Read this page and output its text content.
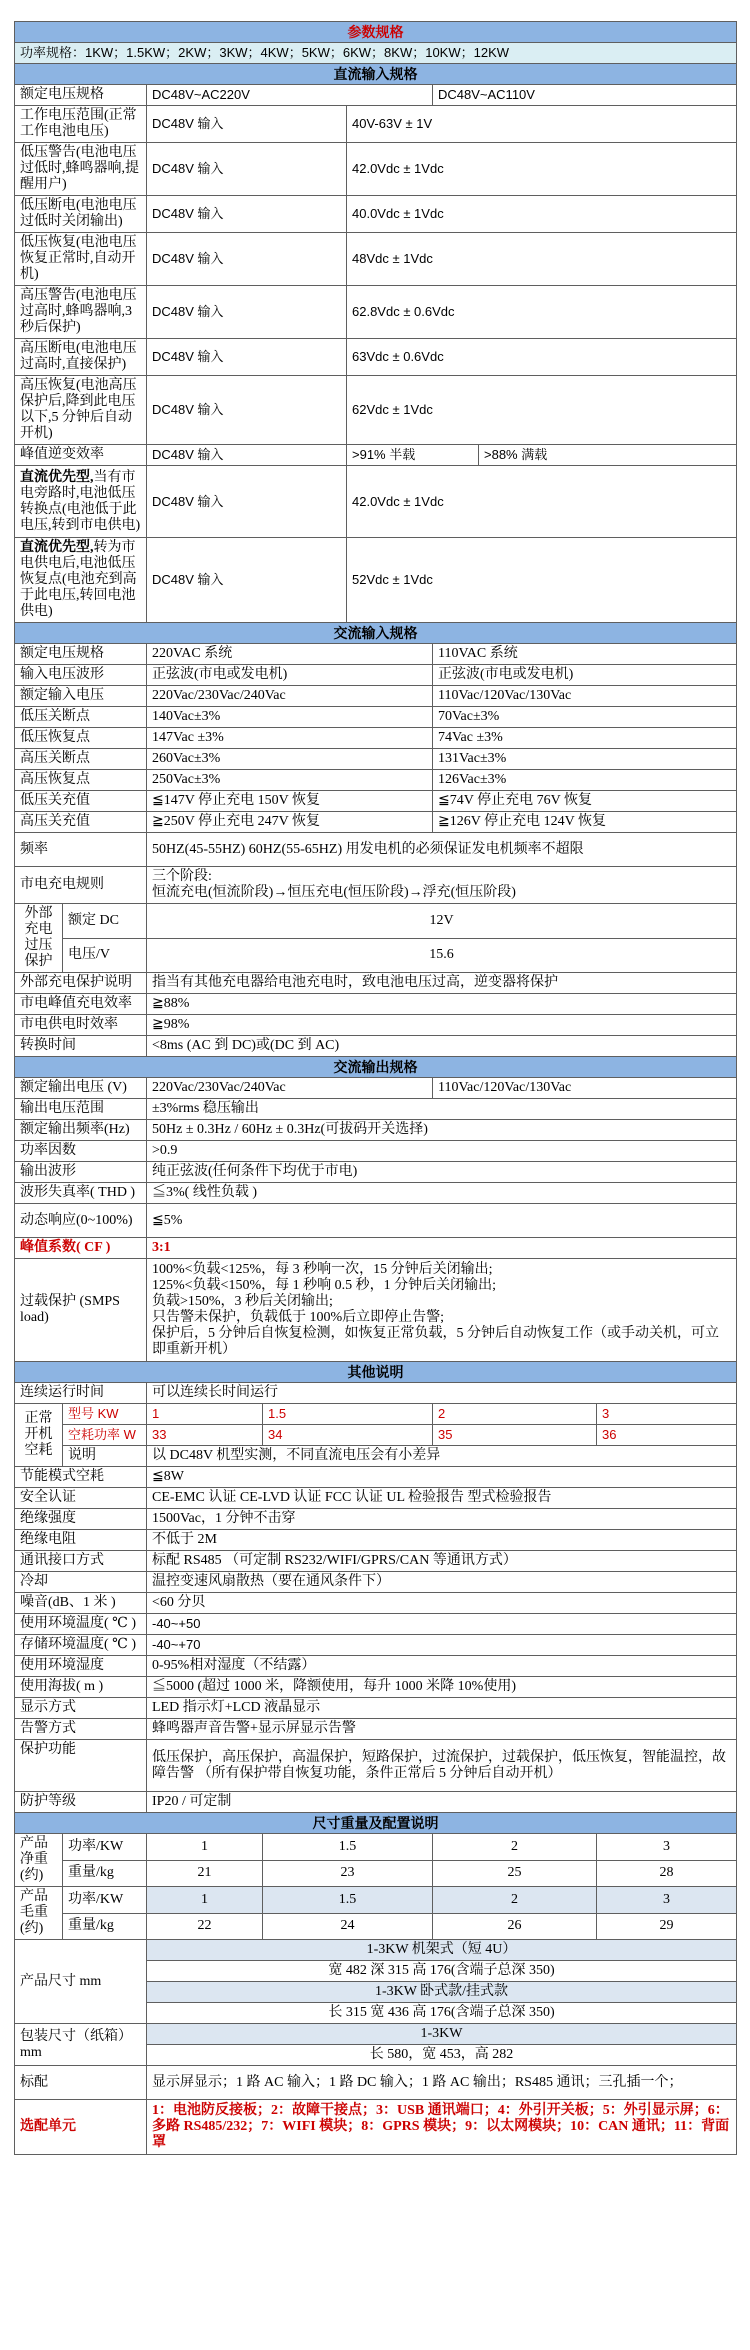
参数规格							
功率规格：1KW；1.5KW；2KW；3KW；4KW；5KW；6KW；8KW；10KW；12KW							
直流输入规格							
额定电压规格		DC48V~AC220V			DC48V~AC110V		
工作电压范围(正常工作电池电压)		DC48V 输入		40V-63V ± 1V			
低压警告(电池电压过低时,蜂鸣器响,提醒用户)		DC48V 输入		42.0Vdc ± 1Vdc			
低压断电(电池电压过低时关闭输出)		DC48V 输入		40.0Vdc ± 1Vdc			
低压恢复(电池电压恢复正常时,自动开机)		DC48V 输入		48Vdc ± 1Vdc			
高压警告(电池电压过高时,蜂鸣器响,3 秒后保护)		DC48V 输入		62.8Vdc ± 0.6Vdc			
高压断电(电池电压过高时,直接保护)		DC48V 输入		63Vdc ± 0.6Vdc			
高压恢复(电池高压保护后,降到此电压以下,5 分钟后自动开机)		DC48V 输入		62Vdc ± 1Vdc			
峰值逆变效率		DC48V 输入		>91% 半载		>88% 满载	
直流优先型,当有市电旁路时,电池低压转换点(电池低于此电压,转到市电供电)		DC48V 输入		42.0Vdc ± 1Vdc			
直流优先型,转为市电供电后,电池低压恢复点(电池充到高于此电压,转回电池供电)		DC48V 输入		52Vdc ± 1Vdc			
交流输入规格							
额定电压规格		220VAC 系统			110VAC 系统		
输入电压波形		正弦波(市电或发电机)			正弦波(市电或发电机)		
额定输入电压		220Vac/230Vac/240Vac			110Vac/120Vac/130Vac		
低压关断点		140Vac±3%			70Vac±3%		
低压恢复点		147Vac ±3%			74Vac ±3%		
高压关断点		260Vac±3%			131Vac±3%		
高压恢复点		250Vac±3%			126Vac±3%		
低压关充值		≦147V 停止充电 150V 恢复			≦74V 停止充电 76V 恢复		
高压关充值		≧250V 停止充电 247V 恢复			≧126V 停止充电 124V 恢复		
频率		50HZ(45-55HZ) 60HZ(55-65HZ) 用发电机的必须保证发电机频率不超限					
市电充电规则		三个阶段:
恒流充电(恒流阶段)→恒压充电(恒压阶段)→浮充(恒压阶段)					

外部充电过压保护	额定 DC	12V					
	电压/V	15.6					
外部充电保护说明		指当有其他充电器给电池充电时，致电池电压过高，逆变器将保护					
市电峰值充电效率		≧88%					
市电供电时效率		≧98%					
转换时间		<8ms (AC 到 DC)或(DC 到 AC)					
交流输出规格							
额定输出电压 (V)		220Vac/230Vac/240Vac			110Vac/120Vac/130Vac		
输出电压范围		±3%rms 稳压输出					
额定输出频率(Hz)		50Hz ± 0.3Hz / 60Hz ± 0.3Hz(可拔码开关选择)					
功率因数		>0.9					
输出波形		纯正弦波(任何条件下均优于市电)					
波形失真率( THD )		≦3%( 线性负载 )					
动态响应(0~100%)		≦5%					
峰值系数( CF )		3:1					
过载保护 (SMPS load)		100%<负载<125%，每 3 秒响一次，15 分钟后关闭输出;
125%<负载<150%，每 1 秒响 0.5 秒，1 分钟后关闭输出;
负载>150%，3 秒后关闭输出;
只告警未保护，负载低于 100%后立即停止告警;
保护后，5 分钟后自恢复检测，如恢复正常负载，5 分钟后自动恢复工作（或手动关机，可立即重新开机）					

其他说明							
连续运行时间		可以连续长时间运行					
正常开机空耗	型号 KW	1	1.5		2		3
	空耗功率 W	33	34		35		36
	说明	以 DC48V 机型实测，不同直流电压会有小差异					
节能模式空耗		≦8W					
安全认证		CE-EMC 认证 CE-LVD 认证 FCC 认证 UL 检验报告 型式检验报告					
绝缘强度		1500Vac，1 分钟不击穿					
绝缘电阻		不低于 2M					
通讯接口方式		标配 RS485 （可定制 RS232/WIFI/GPRS/CAN 等通讯方式）					
冷却		温控变速风扇散热（要在通风条件下）					
噪音(dB、1 米 )		<60 分贝					
使用环境温度( ℃ )		-40~+50					
存储环境温度( ℃ )		-40~+70					
使用环境湿度		0-95%相对湿度（不结露）					
使用海拔( m )		≦5000 (超过 1000 米，降额使用，每升 1000 米降 10%使用)					
显示方式		LED 指示灯+LCD 液晶显示					
告警方式		蜂鸣器声音告警+显示屏显示告警					
保护功能		低压保护，高压保护，高温保护，短路保护，过流保护，过载保护，低压恢复，智能温控，故障告警 （所有保护带自恢复功能，条件正常后 5 分钟后自动开机）					
防护等级		IP20 / 可定制					
尺寸重量及配置说明							
产品净重(约)	功率/KW	1	1.5		2		3
	重量/kg	21	23		25		28
产品毛重(约)	功率/KW	1	1.5		2		3
	重量/kg	22	24		26		29
产品尺寸 mm		1-3KW 机架式（短 4U）					
		宽 482 深 315 高 176(含端子总深 350)					
		1-3KW 卧式款/挂式款					
		长 315 宽 436 高 176(含端子总深 350)					
包装尺寸（纸箱）mm		1-3KW					
		长 580，宽 453，高 282					
标配		显示屏显示；1 路 AC 输入；1 路 DC 输入；1 路 AC 输出；RS485 通讯；三孔插一个；					
选配单元		1：电池防反接板；2：故障干接点；3：USB 通讯端口；4：外引开关板；5：外引显示屏；6：多路 RS485/232；7：WIFI 模块；8：GPRS 模块；9：以太网模块；10：CAN 通讯；11：背面罩					
